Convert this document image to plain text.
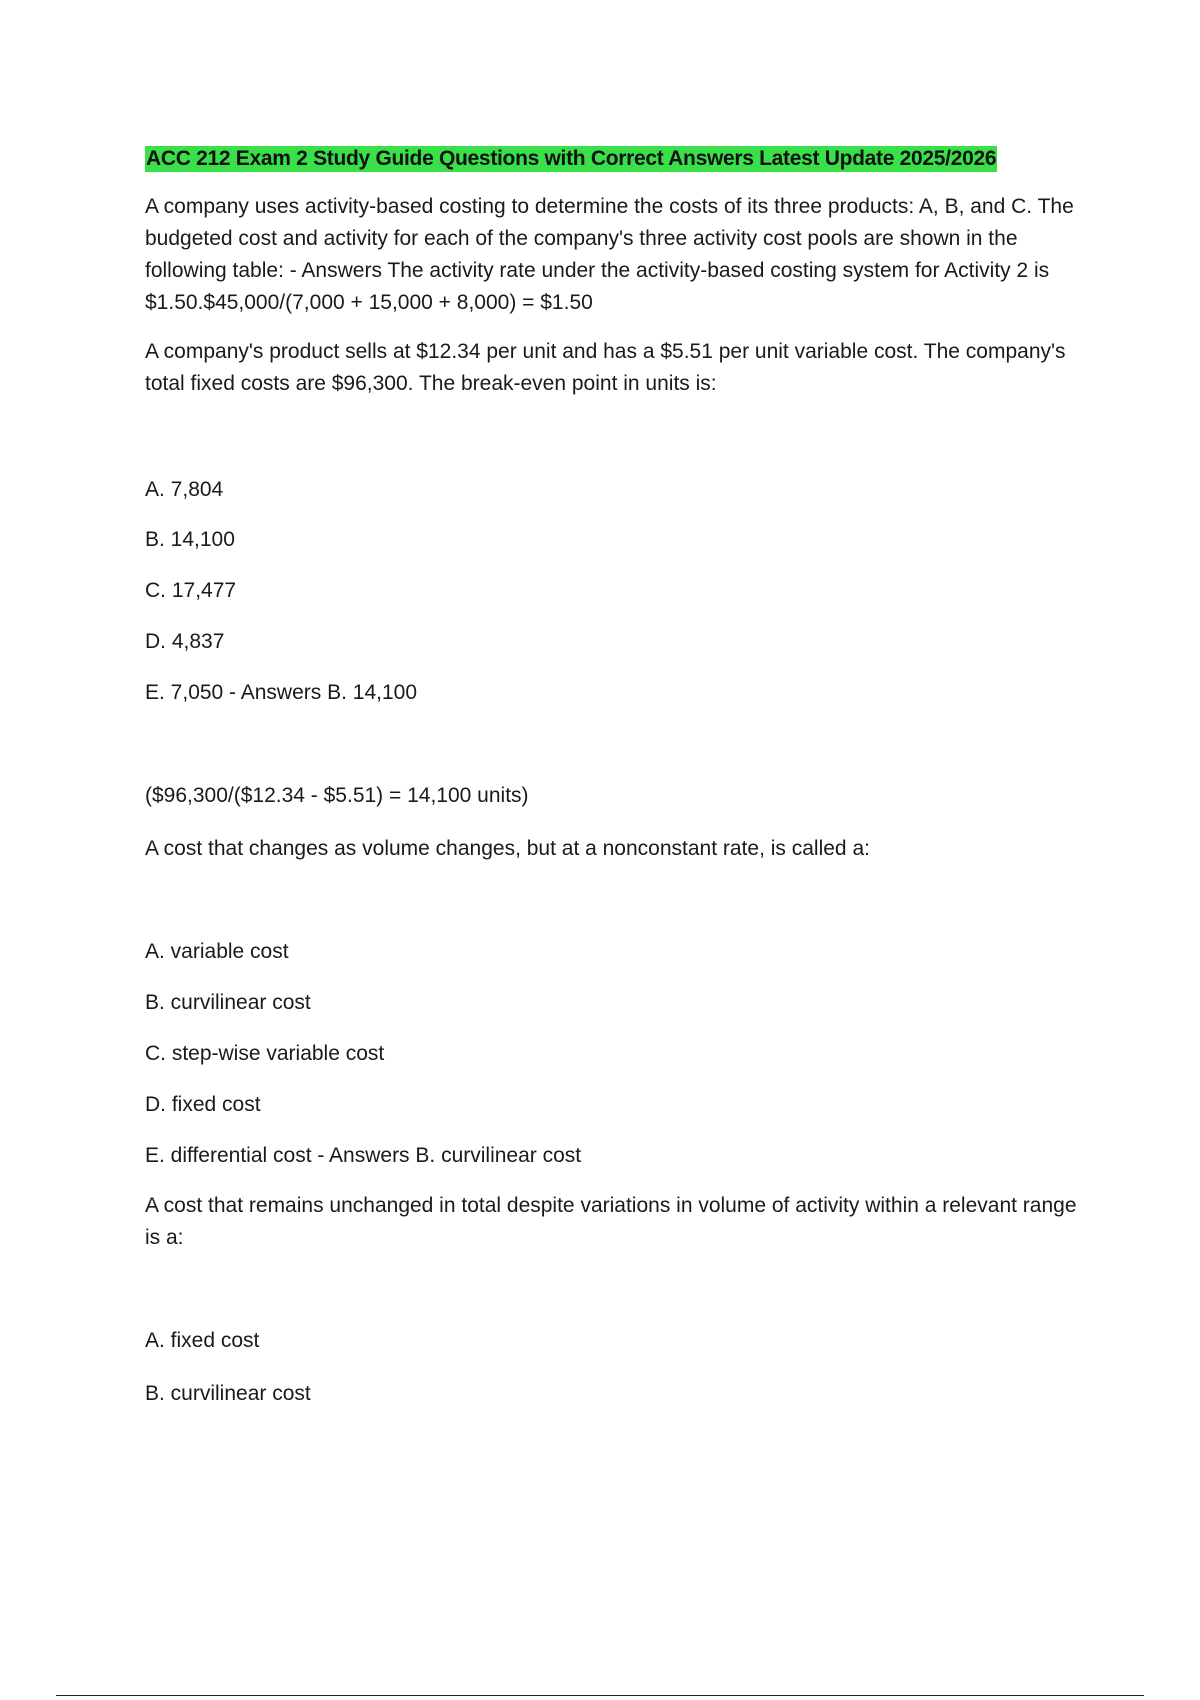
ACC 212 Exam 2 Study Guide Questions with Correct Answers Latest Update 2025/2026

A company uses activity-based costing to determine the costs of its three products: A, B, and C. The budgeted cost and activity for each of the company's three activity cost pools are shown in the following table: - Answers The activity rate under the activity-based costing system for Activity 2 is $1.50.$45,000/(7,000 + 15,000 + 8,000) = $1.50

A company's product sells at $12.34 per unit and has a $5.51 per unit variable cost. The company's total fixed costs are $96,300. The break-even point in units is:

A. 7,804
B. 14,100
C. 17,477
D. 4,837
E. 7,050 - Answers B. 14,100
($96,300/($12.34 - $5.51) = 14,100 units)
A cost that changes as volume changes, but at a nonconstant rate, is called a:
A. variable cost
B. curvilinear cost
C. step-wise variable cost
D. fixed cost
E. differential cost - Answers B. curvilinear cost

A cost that remains unchanged in total despite variations in volume of activity within a relevant range is a:

A. fixed cost
B. curvilinear cost
